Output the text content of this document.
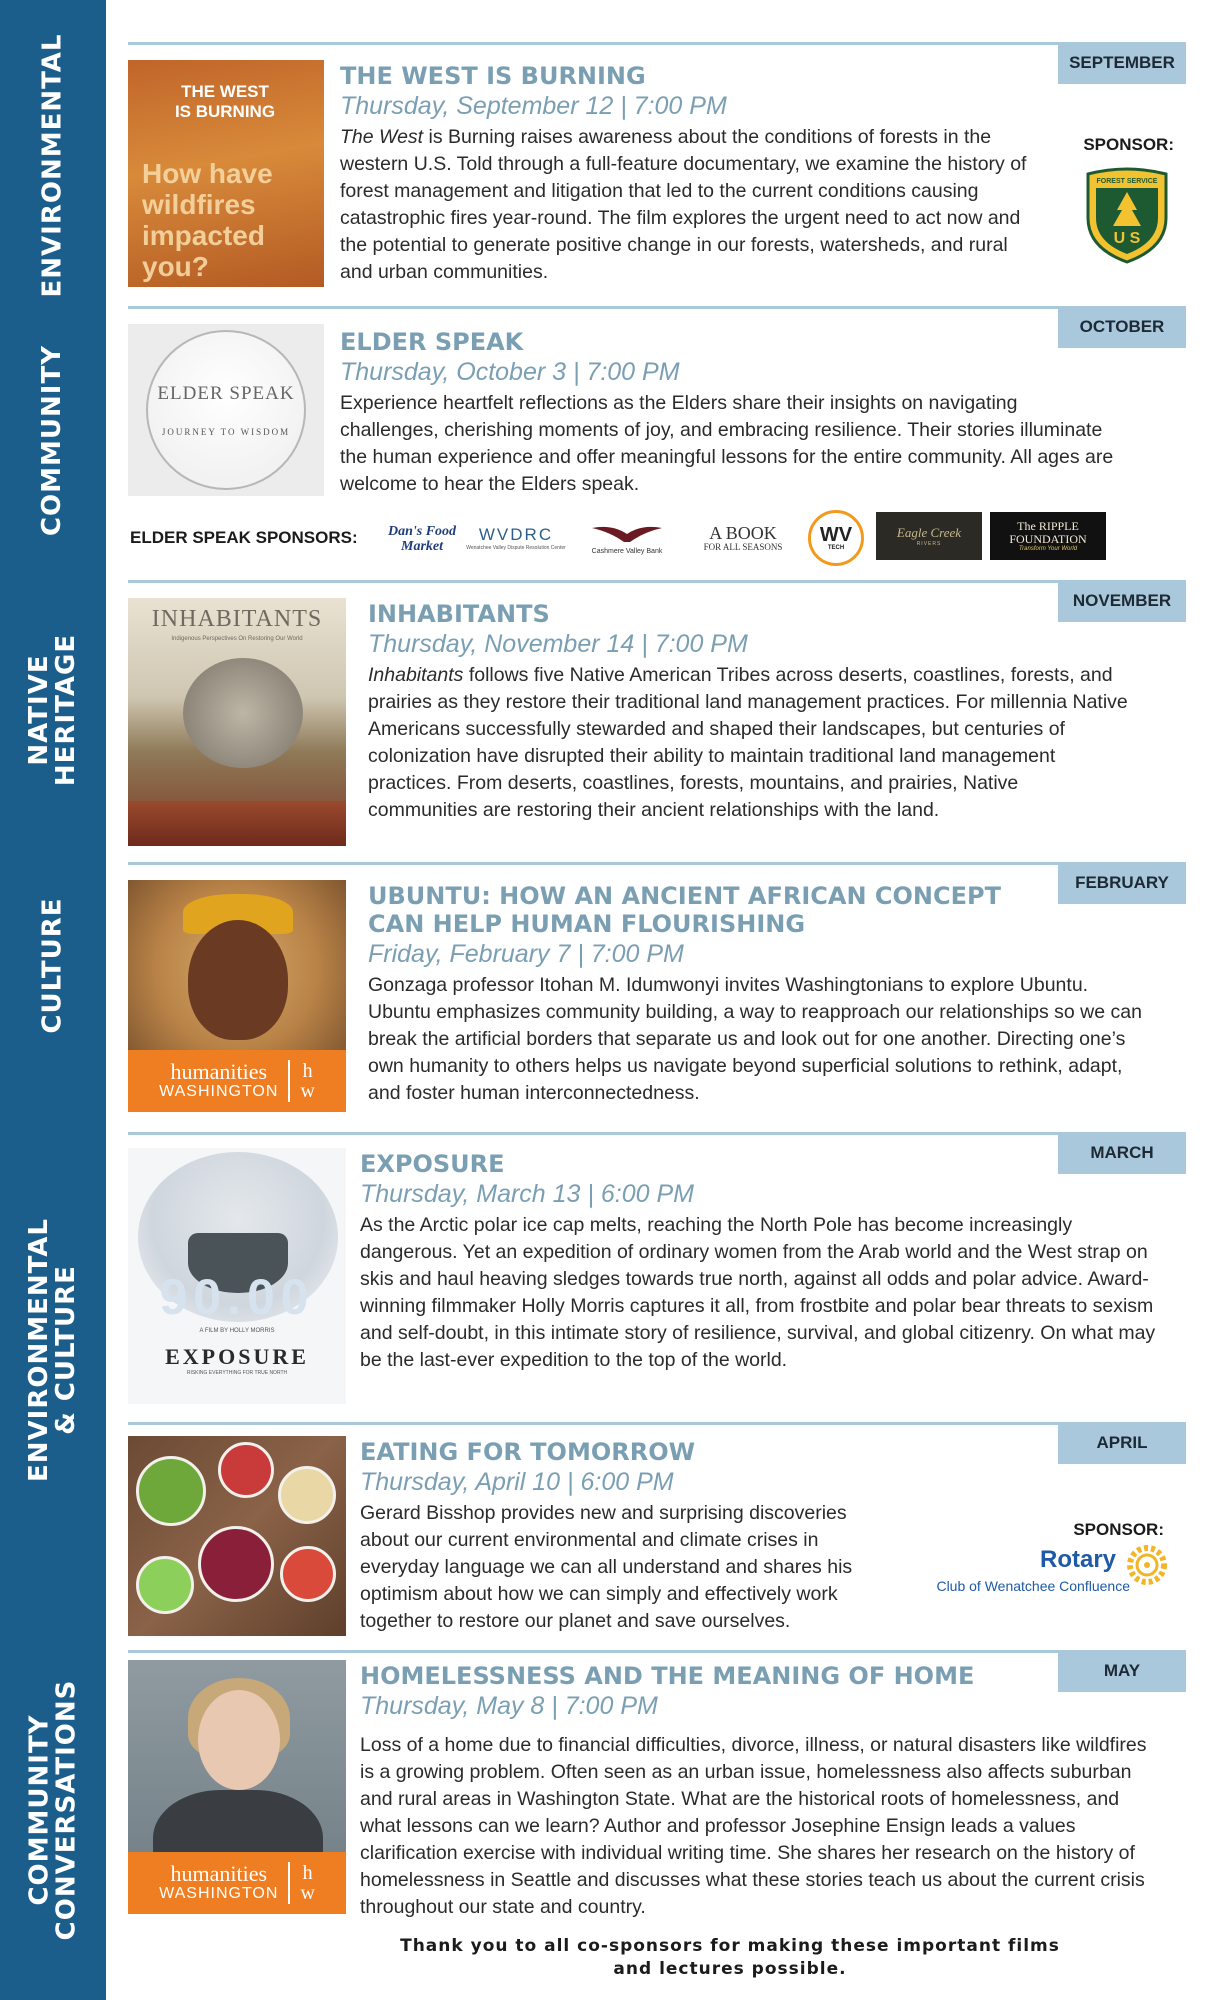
ENVIRONMENTAL
COMMUNITY
NATIVE
HERITAGE
CULTURE
ENVIRONMENTAL
& CULTURE
COMMUNITY
CONVERSATIONS
SEPTEMBER
THE WEST
IS BURNING
How have wildfires impacted you?
THE WEST IS BURNING
Thursday, September 12 | 7:00 PM
The West is Burning raises awareness about the conditions of forests in the western U.S. Told through a full-feature documentary, we examine the history of forest management and litigation that led to the current conditions causing catastrophic fires year-round. The film explores the urgent need to act now and the potential to generate positive change in our forests, watersheds, and rural and urban communities.
SPONSOR:
FOREST SERVICE
U S
OCTOBER
ELDER SPEAK
JOURNEY TO WISDOM
ELDER SPEAK
Thursday, October 3 | 7:00 PM
Experience heartfelt reflections as the Elders share their insights on navigating challenges, cherishing moments of joy, and embracing resilience. Their stories illuminate the human experience and offer meaningful lessons for the entire community. All ages are welcome to hear the Elders speak.
ELDER SPEAK SPONSORS: Dan's Food Market
WVDRC
Wenatchee Valley Dispute Resolution Center	Cashmere Valley Bank
A BOOK
FOR ALL SEASONS
WV
TECH
Eagle Creek
RIVERS
The RIPPLE FOUNDATION
Transform Your World
NOVEMBER
INHABITANTS
Indigenous Perspectives On Restoring Our World
INHABITANTS
Thursday, November 14 | 7:00 PM
Inhabitants follows five Native American Tribes across deserts, coastlines, forests, and prairies as they restore their traditional land management practices. For millennia Native Americans successfully stewarded and shaped their landscapes, but centuries of colonization have disrupted their ability to maintain traditional land management practices. From deserts, coastlines, forests, mountains, and prairies, Native communities are restoring their ancient relationships with the land.
FEBRUARY
humanities
WASHINGTON
h
w
UBUNTU: HOW AN ANCIENT AFRICAN CONCEPT CAN HELP HUMAN FLOURISHING
Friday, February 7 | 7:00 PM
Gonzaga professor Itohan M. Idumwonyi invites Washingtonians to explore Ubuntu. Ubuntu emphasizes community building, a way to reapproach our relationships so we can break the artificial borders that separate us and look out for one another. Directing one’s own humanity to others helps us navigate beyond superficial solutions to rethink, adapt, and foster human interconnectedness.
MARCH
90.00
A FILM BY HOLLY MORRIS
EXPOSURE
RISKING EVERYTHING FOR TRUE NORTH
EXPOSURE
Thursday, March 13 | 6:00 PM
As the Arctic polar ice cap melts, reaching the North Pole has become increasingly dangerous. Yet an expedition of ordinary women from the Arab world and the West strap on skis and haul heaving sledges towards true north, against all odds and polar advice. Award-winning filmmaker Holly Morris captures it all, from frostbite and polar bear threats to sexism and self-doubt, in this intimate story of resilience, survival, and global citizenry. On what may be the last-ever expedition to the top of the world.
APRIL
EATING FOR TOMORROW
Thursday, April 10 | 6:00 PM
Gerard Bisshop provides new and surprising discoveries about our current environmental and climate crises in everyday language we can all understand and shares his optimism about how we can simply and effectively work together to restore our planet and save ourselves.
SPONSOR:
Rotary
Club of Wenatchee Confluence
MAY
humanities
WASHINGTON
h
w
HOMELESSNESS AND THE MEANING OF HOME
Thursday, May 8 | 7:00 PM
Loss of a home due to financial difficulties, divorce, illness, or natural disasters like wildfires is a growing problem. Often seen as an urban issue, homelessness also affects suburban and rural areas in Washington State. What are the historical roots of homelessness, and what lessons can we learn? Author and professor Josephine Ensign leads a values clarification exercise with individual writing time. She shares her research on the history of homelessness in Seattle and discusses what these stories teach us about the current crisis throughout our state and country.
Thank you to all co-sponsors for making these important films and lectures possible.
